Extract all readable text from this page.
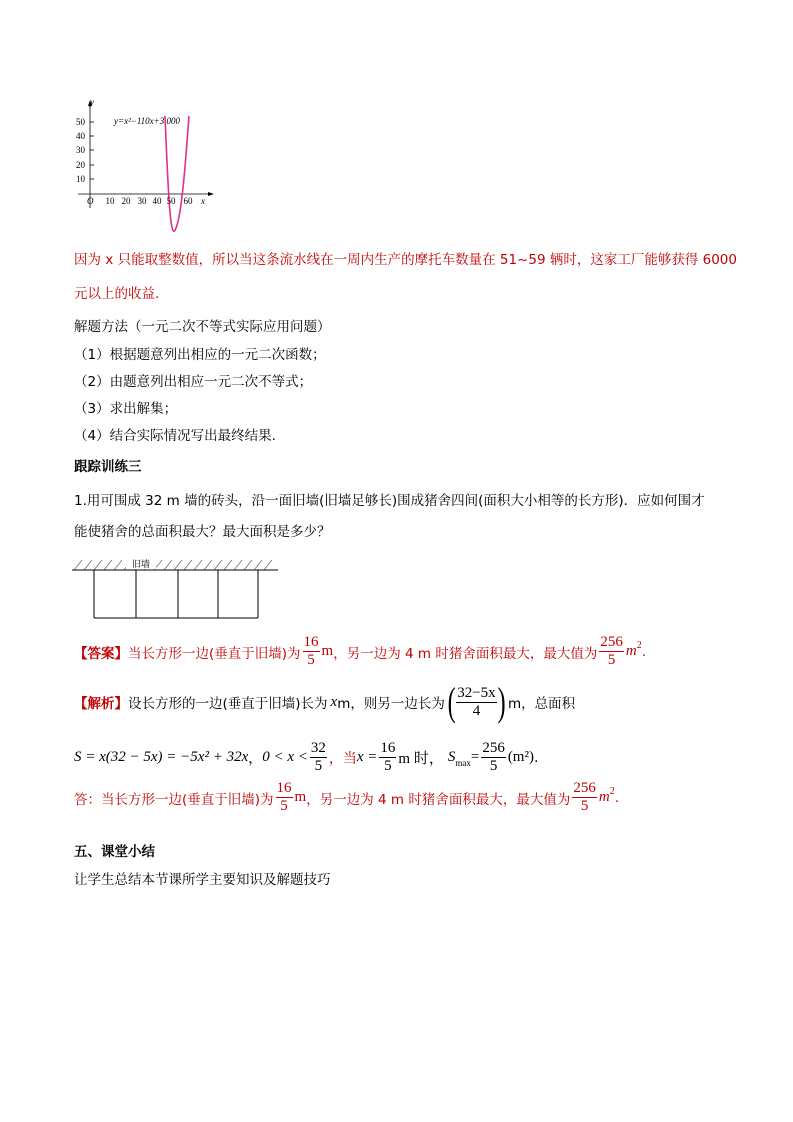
y
x
O
y=x²−110x+3 000
50
40
30
20
10
10 20 30 40 50 60
因为 x 只能取整数值，所以当这条流水线在一周内生产的摩托车数量在 51~59 辆时，这家工厂能够获得 6000
元以上的收益.
解题方法（一元二次不等式实际应用问题）
（1）根据题意列出相应的一元二次函数；
（2）由题意列出相应一元二次不等式；
（3）求出解集；
（4）结合实际情况写出最终结果.
跟踪训练三
1.用可围成 32 m 墙的砖头，沿一面旧墙(旧墙足够长)围成猪舍四间(面积大小相等的长方形)．应如何围才
能使猪舍的总面积最大？最大面积是多少？
旧墙
【答案】 当长方形一边(垂直于旧墙)为 $\frac{16}{5}$ m ，另一边为 4 m 时猪舍面积最大，最大值为 $\frac{256}{5} m^2$ .
【解析】 设长方形的一边(垂直于旧墙)长为 x m，则另一边长为 ( $\frac{32-5x}{4}$ ) m，总面积
S = x(32 − 5x) = −5x² + 32x ， $0 < x < \frac{32}{5}$ ，当 $x = \frac{16}{5}$ m 时， $S_{max} = \frac{256}{5} (m^2)$ .
答：当长方形一边(垂直于旧墙)为 $\frac{16}{5}$ m ，另一边为 4 m 时猪舍面积最大，最大值为 $\frac{256}{5} m^2$ .
五、课堂小结
让学生总结本节课所学主要知识及解题技巧
